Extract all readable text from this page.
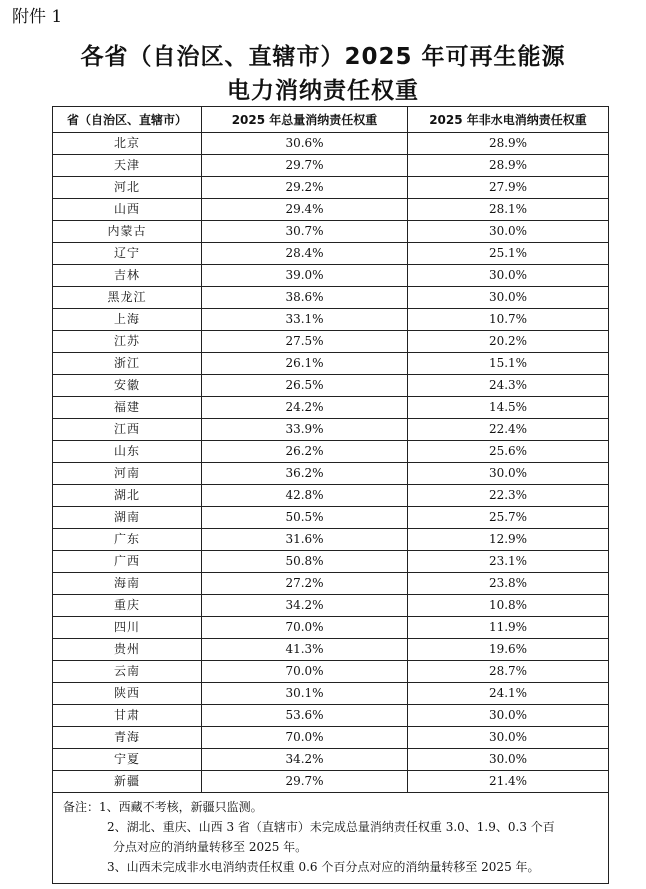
附件 1
各省（自治区、直辖市）2025 年可再生能源
电力消纳责任权重
省（自治区、直辖市）	2025 年总量消纳责任权重	2025 年非水电消纳责任权重
北京	30.6%	28.9%
天津	29.7%	28.9%
河北	29.2%	27.9%
山西	29.4%	28.1%
内蒙古	30.7%	30.0%
辽宁	28.4%	25.1%
吉林	39.0%	30.0%
黑龙江	38.6%	30.0%
上海	33.1%	10.7%
江苏	27.5%	20.2%
浙江	26.1%	15.1%
安徽	26.5%	24.3%
福建	24.2%	14.5%
江西	33.9%	22.4%
山东	26.2%	25.6%
河南	36.2%	30.0%
湖北	42.8%	22.3%
湖南	50.5%	25.7%
广东	31.6%	12.9%
广西	50.8%	23.1%
海南	27.2%	23.8%
重庆	34.2%	10.8%
四川	70.0%	11.9%
贵州	41.3%	19.6%
云南	70.0%	28.7%
陕西	30.1%	24.1%
甘肃	53.6%	30.0%
青海	70.0%	30.0%
宁夏	34.2%	30.0%
新疆	29.7%	21.4%

备注：1、西藏不考核，新疆只监测。
2、湖北、重庆、山西 3 省（直辖市）未完成总量消纳责任权重 3.0、1.9、0.3 个百
分点对应的消纳量转移至 2025 年。
3、山西未完成非水电消纳责任权重 0.6 个百分点对应的消纳量转移至 2025 年。		
